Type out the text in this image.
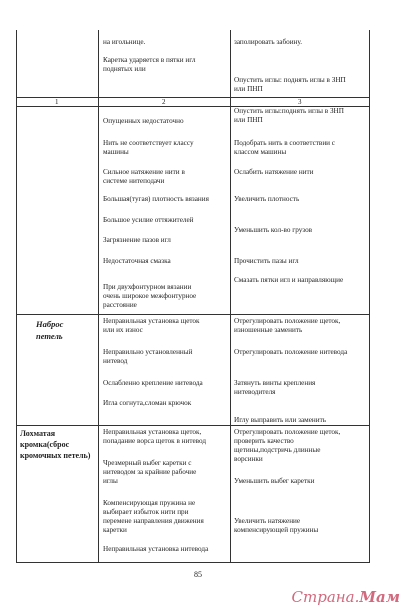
на игольнице.
Каретка ударяется в пятки игл
поднятых или
заполировать забоину.
Опустить иглы: поднять иглы в ЗНП
или ПНП
1	2	3
Опущенных недостаточно
Нить не соответствует классу
машины
Сильное натяжение нити в
системе нитеподачи
Большая(тугая) плотность вязания
Большое усилие оттяжителей
Загрязнение пазов игл
Недостаточная смазка
При двухфонтурном вязании
очень широкое межфонтурное
расстояние
Опустить иглы:поднять иглы в ЗНП
или ПНП
Подобрать нить в соответствии с
классом машины
Ослабить натяжение нити
Увеличить плотность
Уменьшить кол-во грузов
Прочистить пазы игл
Смазать пятки игл и направляющие
Наброс
петель
Неправильная установка щеток
или их износ
Неправильно установленный
нитевод
Ослабленно крепление нитевода
Игла согнута,сломан крючок
Отрегулировать положение щеток,
изношенные заменить
Отрегулировать положение нитевода
Затянуть винты крепления
нитеводителя
Иглу выправить или заменить
Лохматая
кромка(сброс
кромочных петель)
Неправильная установка щеток,
попадание ворса щеток в нитевод
Чрезмерный выбег каретки с
нитеводом за крайние рабочие
иглы
Компенсирующая пружина не
выбирает избыток нити при
перемене направления движения
каретки
Неправильная установка нитевода
Отрегулировать положение щеток,
проверить качество
щетины,подстричь длинные
ворсинки
Уменьшить выбег каретки
Увеличить натяжение
компенсирующей пружины
85
Страна.Мам
